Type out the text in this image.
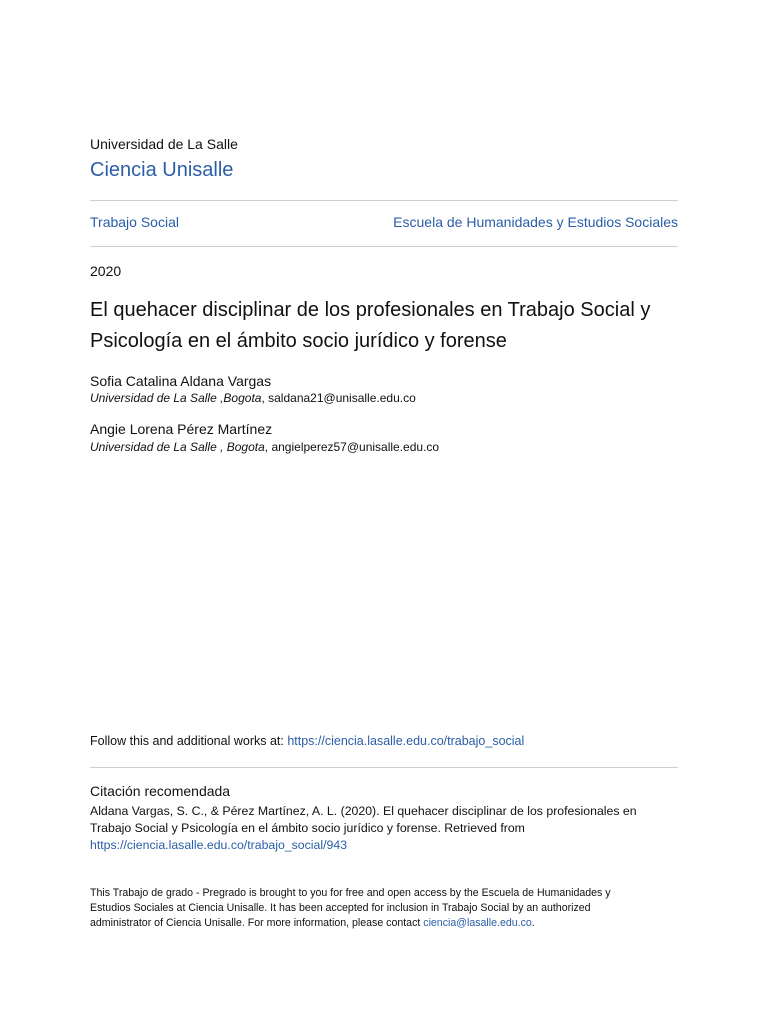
Universidad de La Salle
Ciencia Unisalle
Trabajo Social	Escuela de Humanidades y Estudios Sociales
2020
El quehacer disciplinar de los profesionales en Trabajo Social y Psicología en el ámbito socio jurídico y forense
Sofia Catalina Aldana Vargas
Universidad de La Salle ,Bogota, saldana21@unisalle.edu.co
Angie Lorena Pérez Martínez
Universidad de La Salle , Bogota, angielperez57@unisalle.edu.co
Follow this and additional works at: https://ciencia.lasalle.edu.co/trabajo_social
Citación recomendada
Aldana Vargas, S. C., & Pérez Martínez, A. L. (2020). El quehacer disciplinar de los profesionales en Trabajo Social y Psicología en el ámbito socio jurídico y forense. Retrieved from
https://ciencia.lasalle.edu.co/trabajo_social/943
This Trabajo de grado - Pregrado is brought to you for free and open access by the Escuela de Humanidades y Estudios Sociales at Ciencia Unisalle. It has been accepted for inclusion in Trabajo Social by an authorized administrator of Ciencia Unisalle. For more information, please contact ciencia@lasalle.edu.co.
